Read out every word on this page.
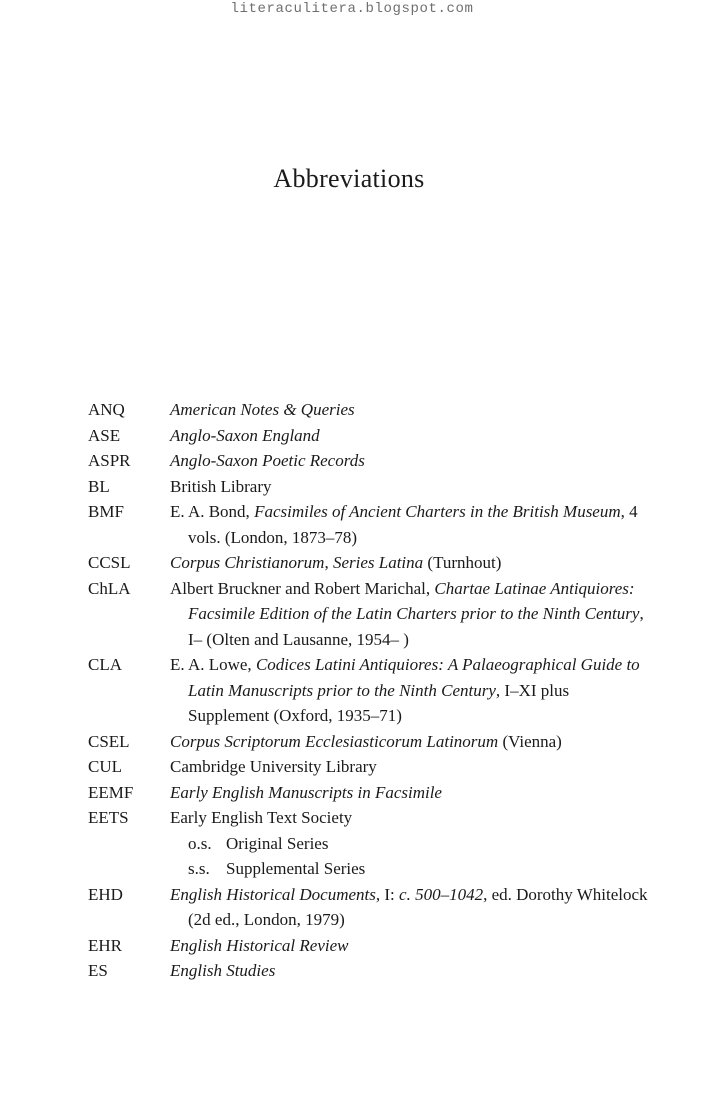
literaculitera.blogspot.com
Abbreviations
ANQ	American Notes & Queries
ASE	Anglo-Saxon England
ASPR	Anglo-Saxon Poetic Records
BL	British Library
BMF	E. A. Bond, Facsimiles of Ancient Charters in the British Museum, 4 vols. (London, 1873–78)
CCSL	Corpus Christianorum, Series Latina (Turnhout)
ChLA	Albert Bruckner and Robert Marichal, Chartae Latinae Antiquiores: Facsimile Edition of the Latin Charters prior to the Ninth Century, I– (Olten and Lausanne, 1954– )
CLA	E. A. Lowe, Codices Latini Antiquiores: A Palaeographical Guide to Latin Manuscripts prior to the Ninth Century, I–XI plus Supplement (Oxford, 1935–71)
CSEL	Corpus Scriptorum Ecclesiasticorum Latinorum (Vienna)
CUL	Cambridge University Library
EEMF	Early English Manuscripts in Facsimile
EETS	Early English Text Society
o.s. Original Series
s.s. Supplemental Series
EHD	English Historical Documents, I: c. 500–1042, ed. Dorothy Whitelock (2d ed., London, 1979)
EHR	English Historical Review
ES	English Studies
